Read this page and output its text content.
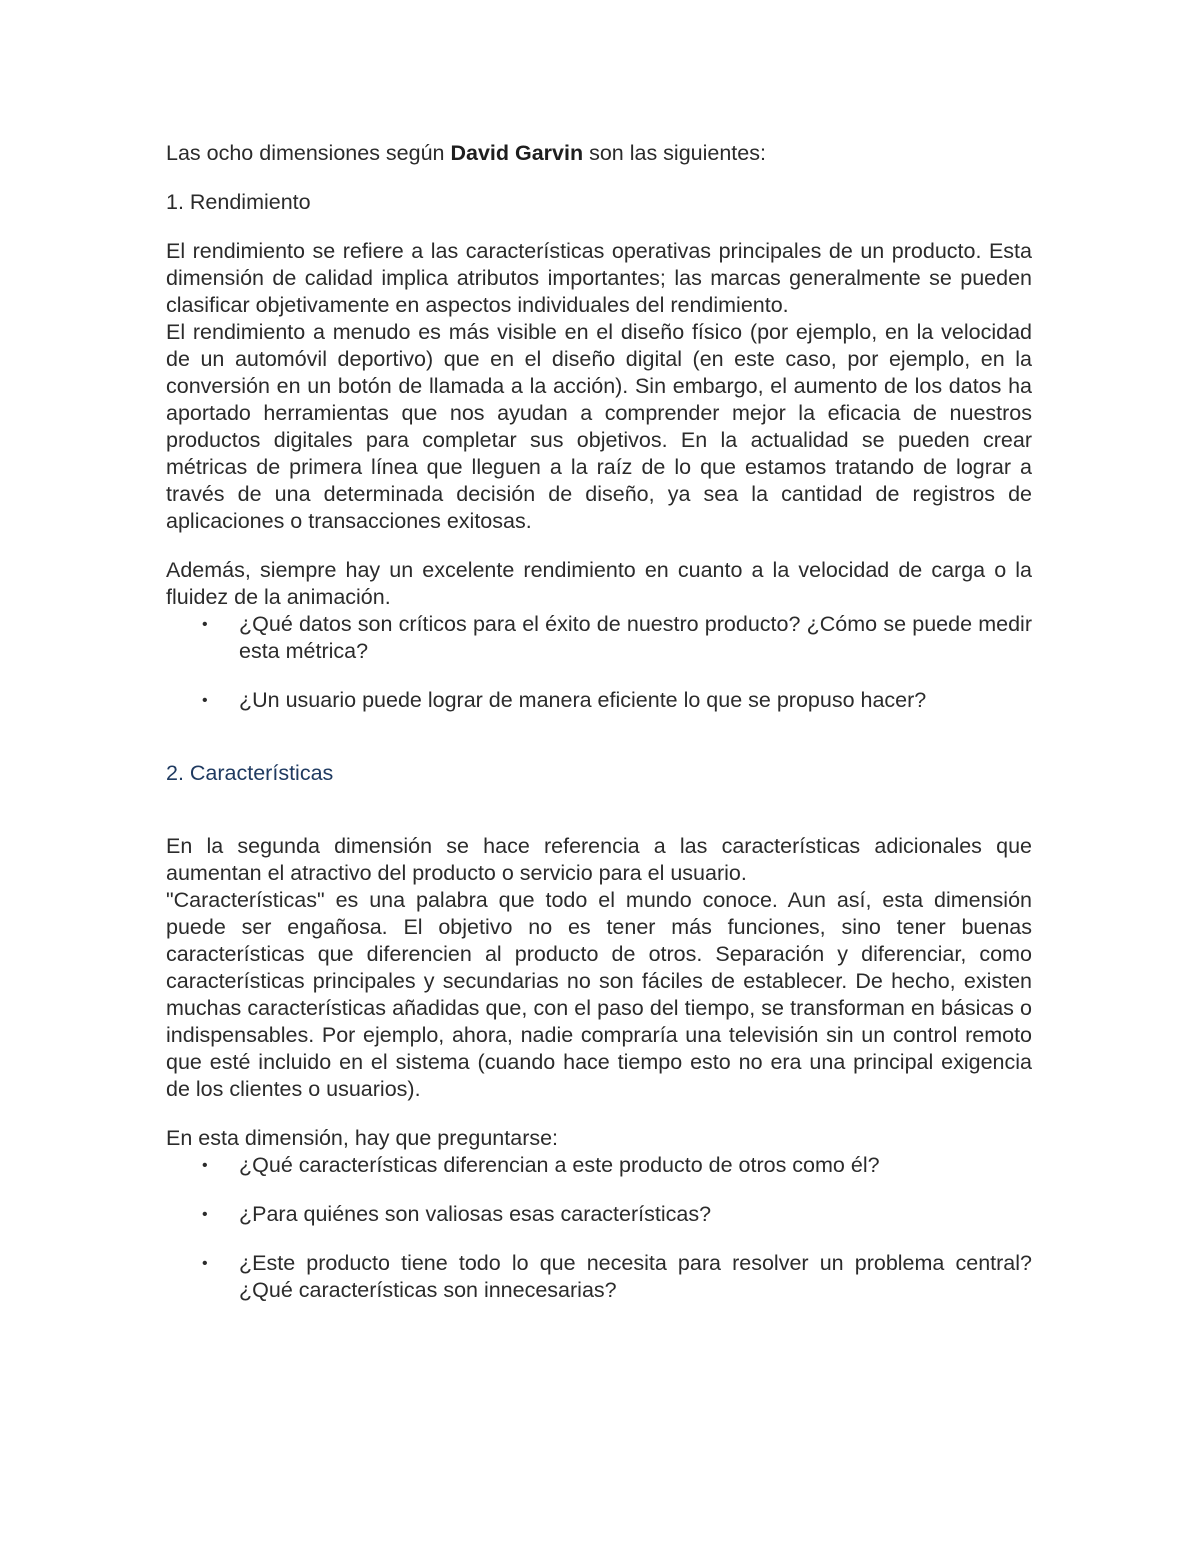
Las ocho dimensiones según David Garvin son las siguientes:

1. Rendimiento

El rendimiento se refiere a las características operativas principales de un producto. Esta dimensión de calidad implica atributos importantes; las marcas generalmente se pueden clasificar objetivamente en aspectos individuales del rendimiento.

El rendimiento a menudo es más visible en el diseño físico (por ejemplo, en la velocidad de un automóvil deportivo) que en el diseño digital (en este caso, por ejemplo, en la conversión en un botón de llamada a la acción). Sin embargo, el aumento de los datos ha aportado herramientas que nos ayudan a comprender mejor la eficacia de nuestros productos digitales para completar sus objetivos. En la actualidad se pueden crear métricas de primera línea que lleguen a la raíz de lo que estamos tratando de lograr a través de una determinada decisión de diseño, ya sea la cantidad de registros de aplicaciones o transacciones exitosas.

Además, siempre hay un excelente rendimiento en cuanto a la velocidad de carga o la fluidez de la animación.

• ¿Qué datos son críticos para el éxito de nuestro producto? ¿Cómo se puede medir esta métrica?
• ¿Un usuario puede lograr de manera eficiente lo que se propuso hacer?

2. Características

En la segunda dimensión se hace referencia a las características adicionales que aumentan el atractivo del producto o servicio para el usuario.

"Características" es una palabra que todo el mundo conoce. Aun así, esta dimensión puede ser engañosa. El objetivo no es tener más funciones, sino tener buenas características que diferencien al producto de otros. Separación y diferenciar, como características principales y secundarias no son fáciles de establecer. De hecho, existen muchas características añadidas que, con el paso del tiempo, se transforman en básicas o indispensables. Por ejemplo, ahora, nadie compraría una televisión sin un control remoto que esté incluido en el sistema (cuando hace tiempo esto no era una principal exigencia de los clientes o usuarios).

En esta dimensión, hay que preguntarse:

• ¿Qué características diferencian a este producto de otros como él?
• ¿Para quiénes son valiosas esas características?
• ¿Este producto tiene todo lo que necesita para resolver un problema central? ¿Qué características son innecesarias?
